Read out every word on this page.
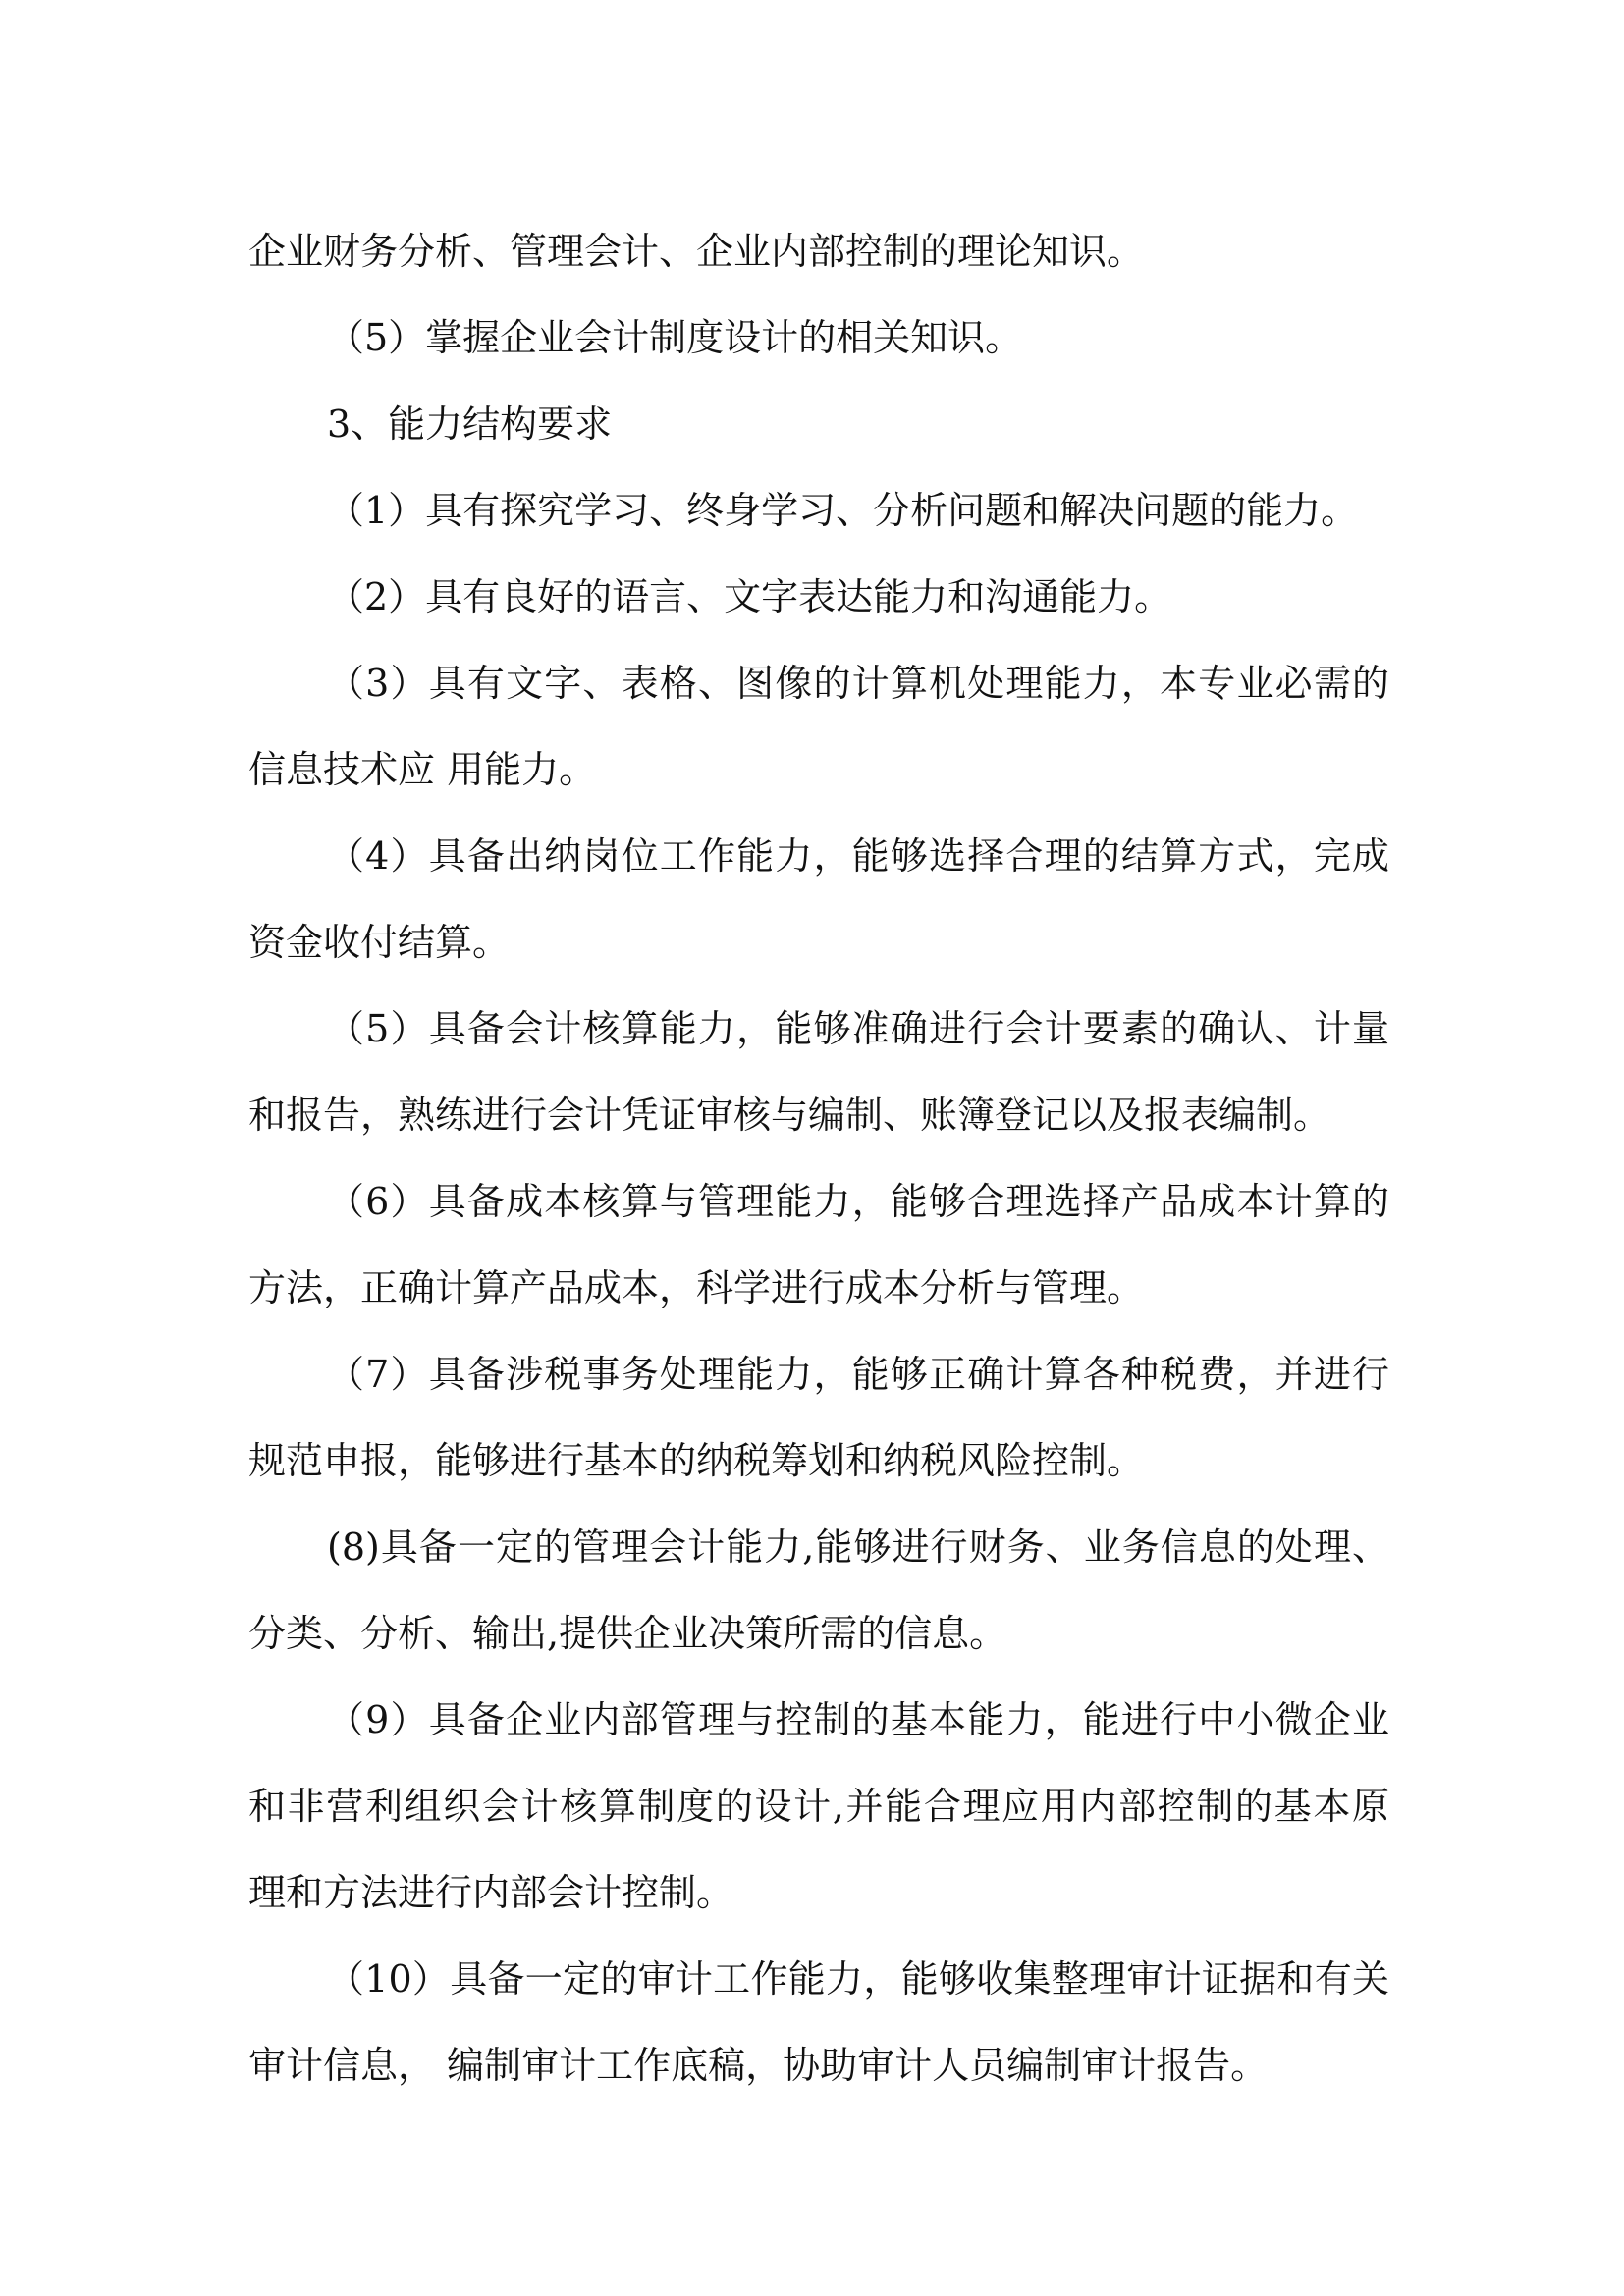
企业财务分析、管理会计、企业内部控制的理论知识。
（5）掌握企业会计制度设计的相关知识。
3、能力结构要求
（1）具有探究学习、终身学习、分析问题和解决问题的能力。
（2）具有良好的语言、文字表达能力和沟通能力。
（3）具有文字、表格、图像的计算机处理能力，本专业必需的
信息技术应 用能力。
（4）具备出纳岗位工作能力，能够选择合理的结算方式，完成
资金收付结算。
（5）具备会计核算能力，能够准确进行会计要素的确认、计量
和报告，熟练进行会计凭证审核与编制、账簿登记以及报表编制。
（6）具备成本核算与管理能力，能够合理选择产品成本计算的
方法，正确计算产品成本，科学进行成本分析与管理。
（7）具备涉税事务处理能力，能够正确计算各种税费，并进行
规范申报，能够进行基本的纳税筹划和纳税风险控制。
(8)具备一定的管理会计能力,能够进行财务、业务信息的处理、
分类、分析、输出,提供企业决策所需的信息。
（9）具备企业内部管理与控制的基本能力，能进行中小微企业
和非营利组织会计核算制度的设计,并能合理应用内部控制的基本原
理和方法进行内部会计控制。
（10）具备一定的审计工作能力，能够收集整理审计证据和有关
审计信息， 编制审计工作底稿，协助审计人员编制审计报告。
